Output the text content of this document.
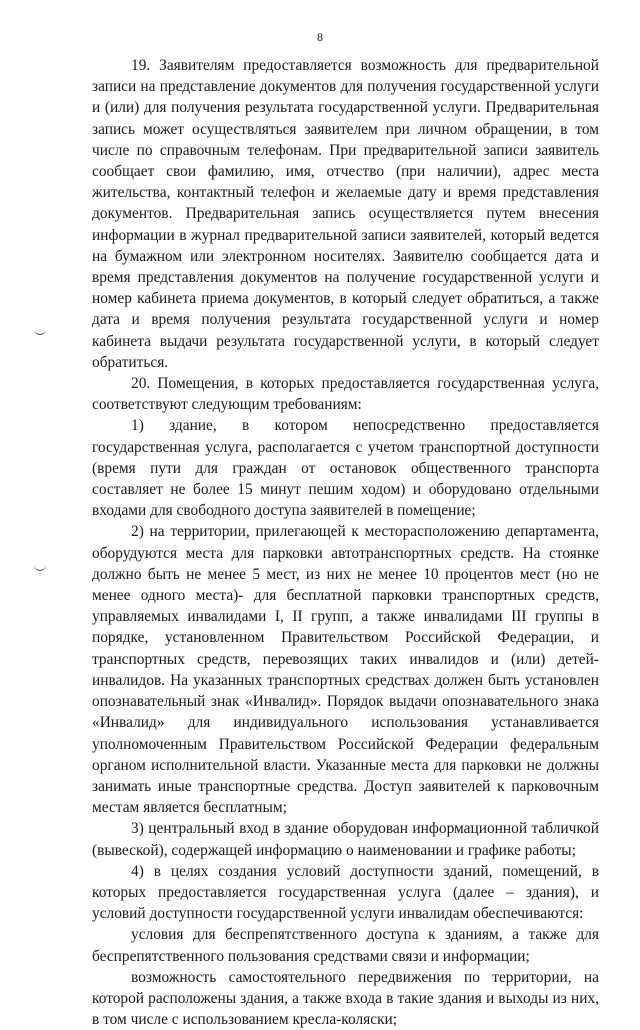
8

19. Заявителям предоставляется возможность для предварительной записи на представление документов для получения государственной услуги и (или) для получения результата государственной услуги. Предварительная запись может осуществляться заявителем при личном обращении, в том числе по справочным телефонам. При предварительной записи заявитель сообщает свои фамилию, имя, отчество (при наличии), адрес места жительства, контактный телефон и желаемые дату и время представления документов. Предварительная запись осуществляется путем внесения информации в журнал предварительной записи заявителей, который ведется на бумажном или электронном носителях. Заявителю сообщается дата и время представления документов на получение государственной услуги и номер кабинета приема документов, в который следует обратиться, а также дата и время получения результата государственной услуги и номер кабинета выдачи результата государственной услуги, в который следует обратиться.

20. Помещения, в которых предоставляется государственная услуга, соответствуют следующим требованиям:

1) здание, в котором непосредственно предоставляется государственная услуга, располагается с учетом транспортной доступности (время пути для граждан от остановок общественного транспорта составляет не более 15 минут пешим ходом) и оборудовано отдельными входами для свободного доступа заявителей в помещение;

2) на территории, прилегающей к месторасположению департамента, оборудуются места для парковки автотранспортных средств. На стоянке должно быть не менее 5 мест, из них не менее 10 процентов мест (но не менее одного места)- для бесплатной парковки транспортных средств, управляемых инвалидами I, II групп, а также инвалидами III группы в порядке, установленном Правительством Российской Федерации, и транспортных средств, перевозящих таких инвалидов и (или) детей-инвалидов. На указанных транспортных средствах должен быть установлен опознавательный знак «Инвалид». Порядок выдачи опознавательного знака «Инвалид» для индивидуального использования устанавливается уполномоченным Правительством Российской Федерации федеральным органом исполнительной власти. Указанные места для парковки не должны занимать иные транспортные средства. Доступ заявителей к парковочным местам является бесплатным;

3) центральный вход в здание оборудован информационной табличкой (вывеской), содержащей информацию о наименовании и графике работы;

4) в целях создания условий доступности зданий, помещений, в которых предоставляется государственная услуга (далее – здания), и условий доступности государственной услуги инвалидам обеспечиваются:

условия для беспрепятственного доступа к зданиям, а также для беспрепятственного пользования средствами связи и информации;

возможность самостоятельного передвижения по территории, на которой расположены здания, а также входа в такие здания и выходы из них, в том числе с использованием кресла-коляски;
